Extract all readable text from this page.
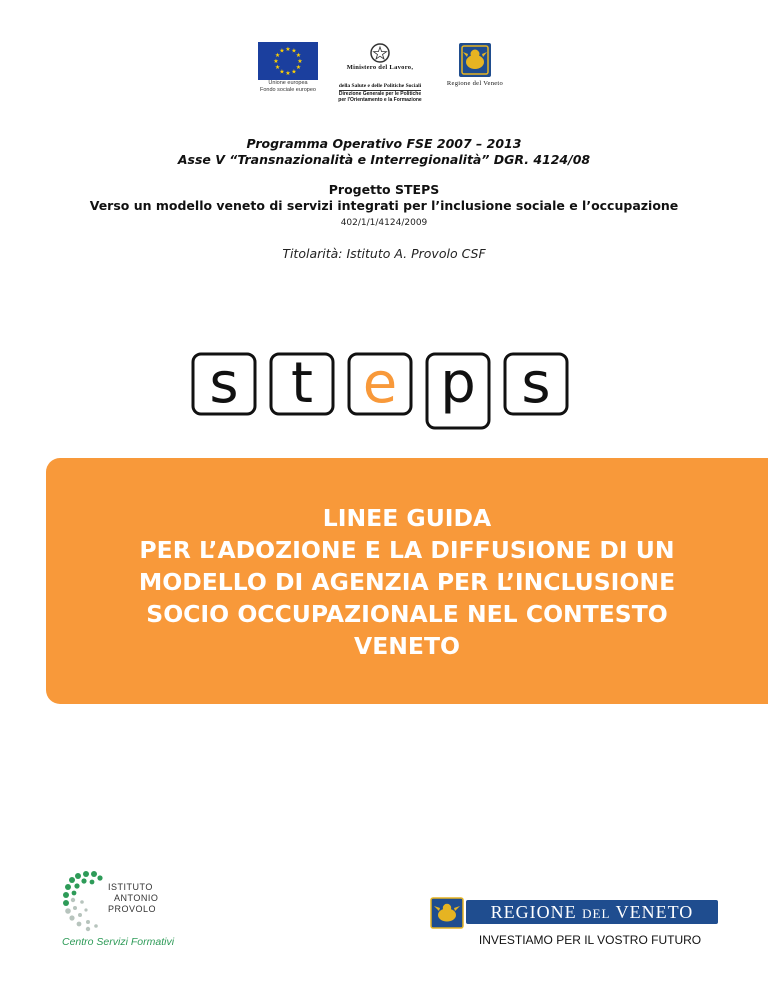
★ ★
★
★
★
★
★
★
★
★
★
★
Unione europea
Fondo sociale europeo
Ministero del Lavoro,
della Salute e delle Politiche Sociali
Direzione Generale per le Politiche
per l'Orientamento e la Formazione
Regione del Veneto
Programma Operativo FSE 2007 – 2013
Asse V “Transnazionalità e Interregionalità” DGR. 4124/08
Progetto STEPS
Verso un modello veneto di servizi integrati per l’inclusione sociale e l’occupazione
402/1/1/4124/2009
Titolarità: Istituto A. Provolo CSF
s t e p s
LINEE GUIDA
PER L’ADOZIONE E LA DIFFUSIONE DI UN
MODELLO DI AGENZIA PER L’INCLUSIONE
SOCIO OCCUPAZIONALE NEL CONTESTO
VENETO
ISTITUTO
ANTONIO
PROVOLO
Centro Servizi Formativi
REGIONE DEL VENETO
INVESTIAMO PER IL VOSTRO FUTURO
